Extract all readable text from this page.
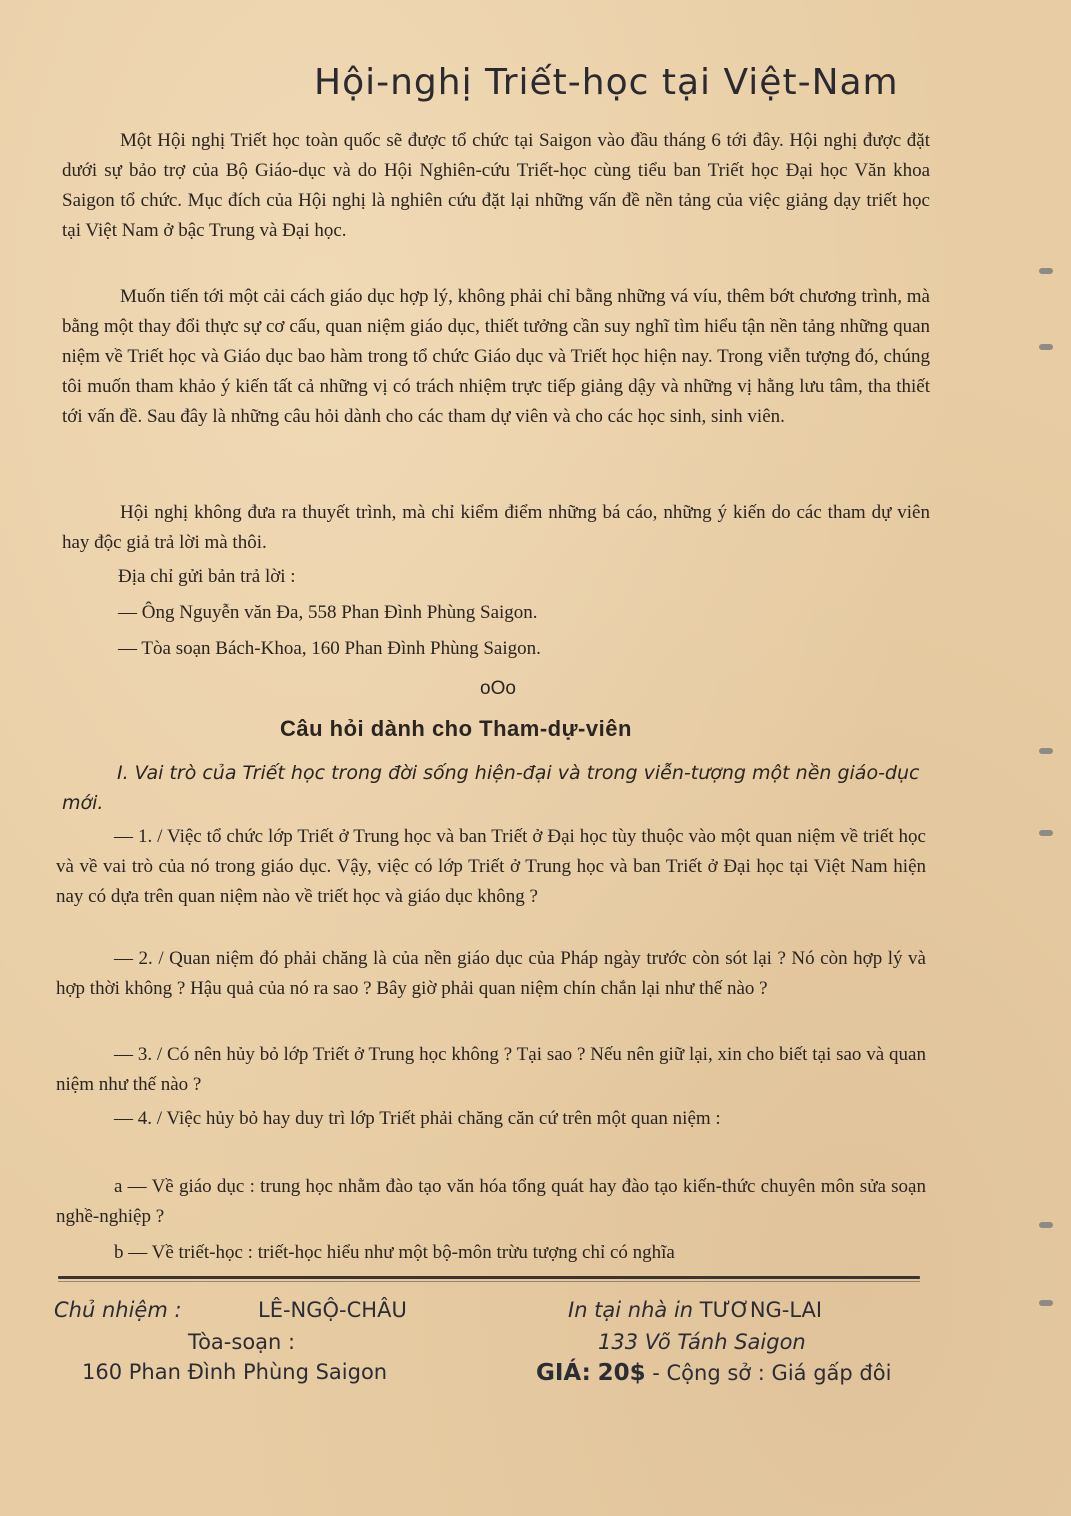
Hội-nghị Triết-học tại Việt-Nam

Một Hội nghị Triết học toàn quốc sẽ được tổ chức tại Saigon vào đầu tháng 6 tới đây. Hội nghị được đặt dưới sự bảo trợ của Bộ Giáo-dục và do Hội Nghiên-cứu Triết-học cùng tiểu ban Triết học Đại học Văn khoa Saigon tổ chức. Mục đích của Hội nghị là nghiên cứu đặt lại những vấn đề nền tảng của việc giảng dạy triết học tại Việt Nam ở bậc Trung và Đại học.

Muốn tiến tới một cải cách giáo dục hợp lý, không phải chỉ bằng những vá víu, thêm bớt chương trình, mà bằng một thay đổi thực sự cơ cấu, quan niệm giáo dục, thiết tưởng cần suy nghĩ tìm hiểu tận nền tảng những quan niệm về Triết học và Giáo dục bao hàm trong tổ chức Giáo dục và Triết học hiện nay. Trong viễn tượng đó, chúng tôi muốn tham khảo ý kiến tất cả những vị có trách nhiệm trực tiếp giảng dậy và những vị hằng lưu tâm, tha thiết tới vấn đề. Sau đây là những câu hỏi dành cho các tham dự viên và cho các học sinh, sinh viên.

Hội nghị không đưa ra thuyết trình, mà chỉ kiểm điểm những bá cáo, những ý kiến do các tham dự viên hay độc giả trả lời mà thôi.

Địa chỉ gửi bản trả lời :
— Ông Nguyễn văn Đa, 558 Phan Đình Phùng Saigon.
— Tòa soạn Bách-Khoa, 160 Phan Đình Phùng Saigon.
oOo
Câu hỏi dành cho Tham-dự-viên

I. Vai trò của Triết học trong đời sống hiện-đại và trong viễn-tượng một nền giáo-dục mới.

— 1. / Việc tổ chức lớp Triết ở Trung học và ban Triết ở Đại học tùy thuộc vào một quan niệm về triết học và về vai trò của nó trong giáo dục. Vậy, việc có lớp Triết ở Trung học và ban Triết ở Đại học tại Việt Nam hiện nay có dựa trên quan niệm nào về triết học và giáo dục không ?

— 2. / Quan niệm đó phải chăng là của nền giáo dục của Pháp ngày trước còn sót lại ? Nó còn hợp lý và hợp thời không ? Hậu quả của nó ra sao ? Bây giờ phải quan niệm chín chắn lại như thế nào ?

— 3. / Có nên hủy bỏ lớp Triết ở Trung học không ? Tại sao ? Nếu nên giữ lại, xin cho biết tại sao và quan niệm như thế nào ?

— 4. / Việc hủy bỏ hay duy trì lớp Triết phải chăng căn cứ trên một quan niệm :

a — Về giáo dục : trung học nhằm đào tạo văn hóa tổng quát hay đào tạo kiến-thức chuyên môn sửa soạn nghề-nghiệp ?

b — Về triết-học : triết-học hiểu như một bộ-môn trừu tượng chỉ có nghĩa

Chủ nhiệm :	LÊ-NGỘ-CHÂU
Tòa-soạn :
160 Phan Đình Phùng Saigon
In tại nhà in TƯƠNG-LAI
133 Võ Tánh Saigon
GIÁ: 20$ - Cộng sở : Giá gấp đôi
